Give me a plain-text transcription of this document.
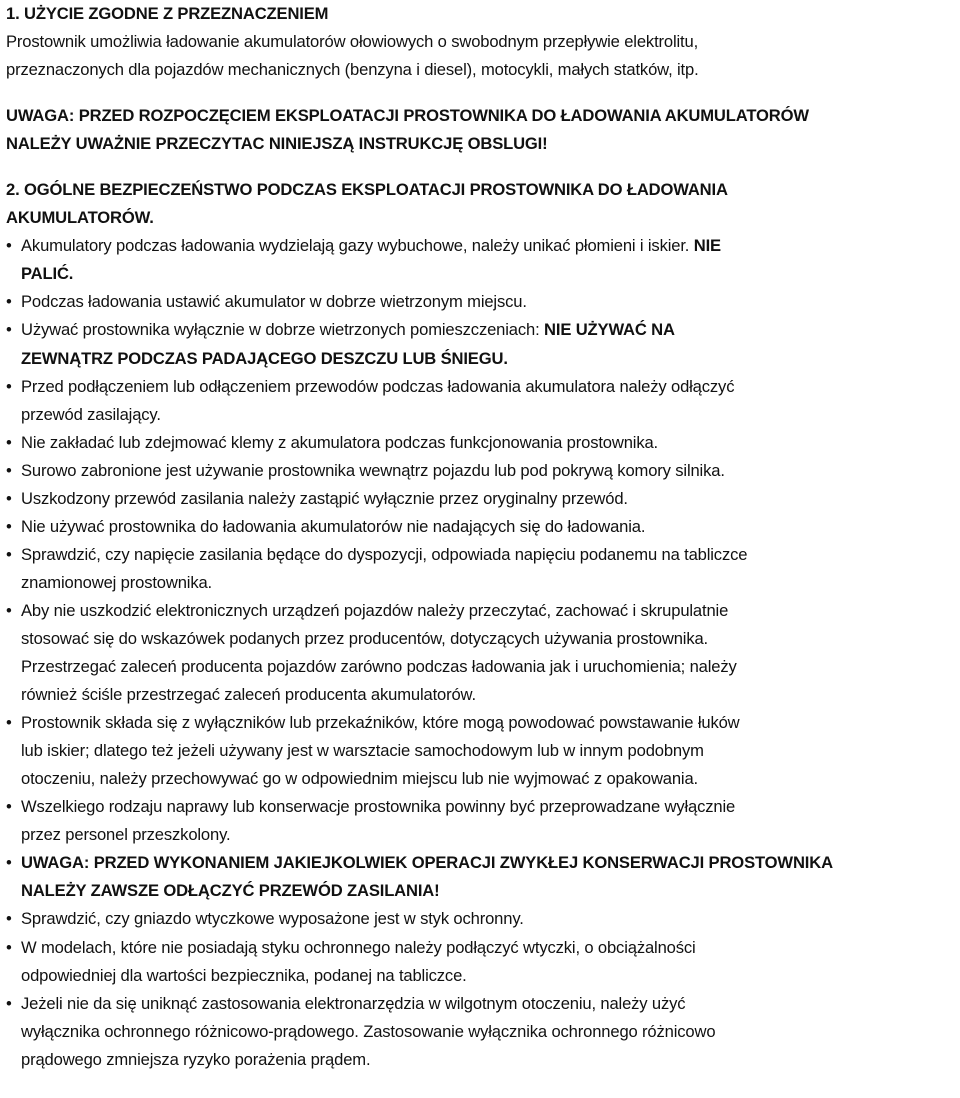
1. UŻYCIE ZGODNE Z PRZEZNACZENIEM
Prostownik umożliwia ładowanie akumulatorów ołowiowych o swobodnym przepływie elektrolitu,
przeznaczonych dla pojazdów mechanicznych (benzyna i diesel), motocykli, małych statków, itp.
UWAGA: PRZED ROZPOCZĘCIEM EKSPLOATACJI PROSTOWNIKA DO ŁADOWANIA AKUMULATORÓW
NALEŻY UWAŻNIE PRZECZYTAC NINIEJSZĄ INSTRUKCJĘ OBSLUGI!
2. OGÓLNE BEZPIECZEŃSTWO PODCZAS EKSPLOATACJI PROSTOWNIKA DO ŁADOWANIA
AKUMULATORÓW.
• Akumulatory podczas ładowania wydzielają gazy wybuchowe, należy unikać płomieni i iskier. NIE
PALIĆ.
• Podczas ładowania ustawić akumulator w dobrze wietrzonym miejscu.
• Używać prostownika wyłącznie w dobrze wietrzonych pomieszczeniach: NIE UŻYWAĆ NA
ZEWNĄTRZ PODCZAS PADAJĄCEGO DESZCZU LUB ŚNIEGU.
• Przed podłączeniem lub odłączeniem przewodów podczas ładowania akumulatora należy odłączyć
przewód zasilający.
• Nie zakładać lub zdejmować klemy z akumulatora podczas funkcjonowania prostownika.
• Surowo zabronione jest używanie prostownika wewnątrz pojazdu lub pod pokrywą komory silnika.
• Uszkodzony przewód zasilania należy zastąpić wyłącznie przez oryginalny przewód.
• Nie używać prostownika do ładowania akumulatorów nie nadających się do ładowania.
• Sprawdzić, czy napięcie zasilania będące do dyspozycji, odpowiada napięciu podanemu na tabliczce
znamionowej prostownika.
• Aby nie uszkodzić elektronicznych urządzeń pojazdów należy przeczytać, zachować i skrupulatnie
stosować się do wskazówek podanych przez producentów, dotyczących używania prostownika.
Przestrzegać zaleceń producenta pojazdów zarówno podczas ładowania jak i uruchomienia; należy
również ściśle przestrzegać zaleceń producenta akumulatorów.
• Prostownik składa się z wyłączników lub przekaźników, które mogą powodować powstawanie łuków
lub iskier; dlatego też jeżeli używany jest w warsztacie samochodowym lub w innym podobnym
otoczeniu, należy przechowywać go w odpowiednim miejscu lub nie wyjmować z opakowania.
• Wszelkiego rodzaju naprawy lub konserwacje prostownika powinny być przeprowadzane wyłącznie
przez personel przeszkolony.
• UWAGA: PRZED WYKONANIEM JAKIEJKOLWIEK OPERACJI ZWYKŁEJ KONSERWACJI PROSTOWNIKA
NALEŻY ZAWSZE ODŁĄCZYĆ PRZEWÓD ZASILANIA!
• Sprawdzić, czy gniazdo wtyczkowe wyposażone jest w styk ochronny.
• W modelach, które nie posiadają styku ochronnego należy podłączyć wtyczki, o obciążalności
odpowiedniej dla wartości bezpiecznika, podanej na tabliczce.
• Jeżeli nie da się uniknąć zastosowania elektronarzędzia w wilgotnym otoczeniu, należy użyć
wyłącznika ochronnego różnicowo-prądowego. Zastosowanie wyłącznika ochronnego różnicowo
prądowego zmniejsza ryzyko porażenia prądem.
